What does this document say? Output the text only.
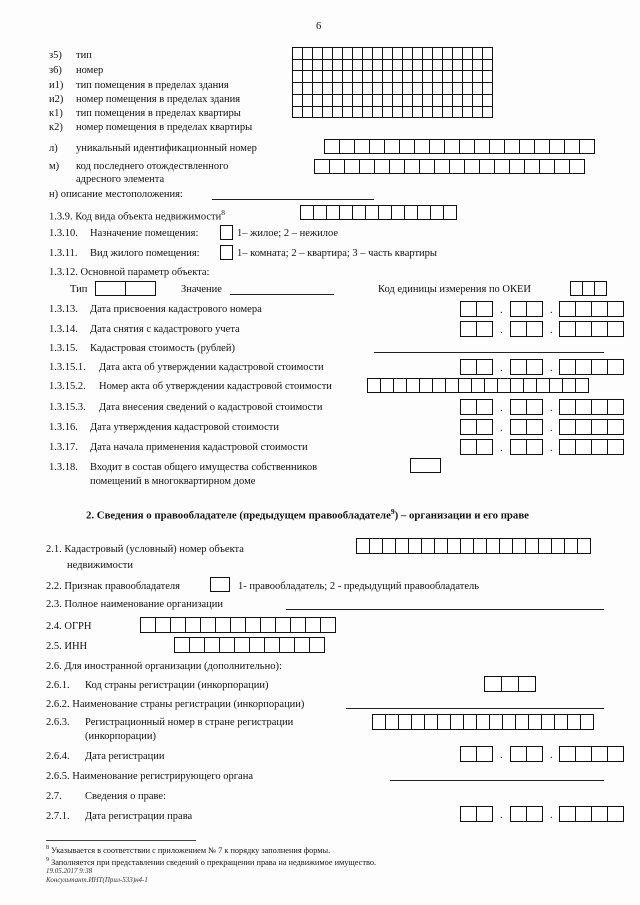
6
з5) тип
з6) номер
и1) тип помещения в пределах здания
и2) номер помещения в пределах здания
к1) тип помещения в пределах квартиры
к2) номер помещения в пределах квартиры

л) уникальный идентификационный номер
м) код последнего отождествленного
адресного элемента
н) описание местоположения:
1.3.9. Код вида объекта недвижимости$^8$
1.3.10. Назначение помещения:	1– жилое; 2 – нежилое
1.3.11. Вид жилого помещения:	1– комната; 2 – квартира; 3 – часть квартиры
1.3.12. Основной параметр объекта:
Тип	Значение	Код единицы измерения по ОКЕИ
1.3.13. Дата присвоения кадастрового номера	.	.
1.3.14. Дата снятия с кадастрового учета	.	.
1.3.15. Кадастровая стоимость (рублей)
1.3.15.1. Дата акта об утверждении кадастровой стоимости	.	.
1.3.15.2. Номер акта об утверждении кадастровой стоимости
1.3.15.3. Дата внесения сведений о кадастровой стоимости	.	.
1.3.16. Дата утверждения кадастровой стоимости	.	.
1.3.17. Дата начала применения кадастровой стоимости	.	.
1.3.18. Входит в состав общего имущества собственников
помещений в многоквартирном доме
2. Сведения о правообладателе (предыдущем правообладателе$^9$) – организации и его праве
2.1. Кадастровый (условный) номер объекта
недвижимости
2.2. Признак правообладателя	1- правообладатель; 2 - предыдущий правообладатель
2.3. Полное наименование организации
2.4. ОГРН
2.5. ИНН
2.6. Для иностранной организации (дополнительно):
2.6.1. Код страны регистрации (инкорпорации)
2.6.2. Наименование страны регистрации (инкорпорации)
2.6.3. Регистрационный номер в стране регистрации
(инкорпорации)
2.6.4. Дата регистрации	.	.
2.6.5. Наименование регистрирующего органа
2.7. Сведения о праве:
2.7.1. Дата регистрации права	.	.
$^8$ Указывается в соответствии с приложением № 7 к порядку заполнения формы.
$^9$ Заполняется при представлении сведений о прекращении права на недвижимое имущество.
19.05.2017 9:38
Консультант.ИНТ(Прил-533)н4-1
